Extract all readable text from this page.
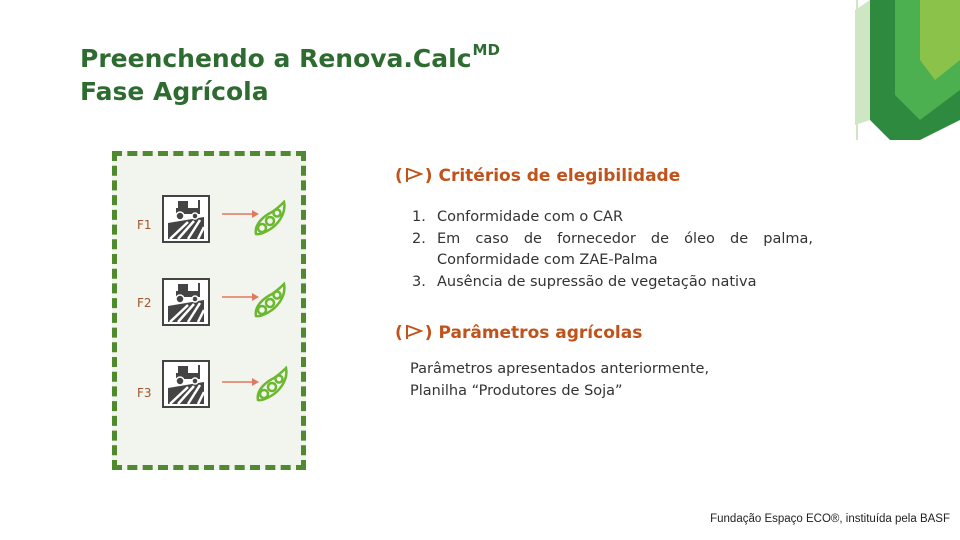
Preenchendo a Renova.Calc$^{MD}$
Fase Agrícola
F1
F2
F3
( ) Critérios de elegibilidade
1. Conformidade com o CAR
2. Em caso de fornecedor de óleo de palma, Conformidade com ZAE-Palma
3. Ausência de supressão de vegetação nativa
( ) Parâmetros agrícolas
Parâmetros apresentados anteriormente,
Planilha “Produtores de Soja”
Fundação Espaço ECO®, instituída pela BASF
